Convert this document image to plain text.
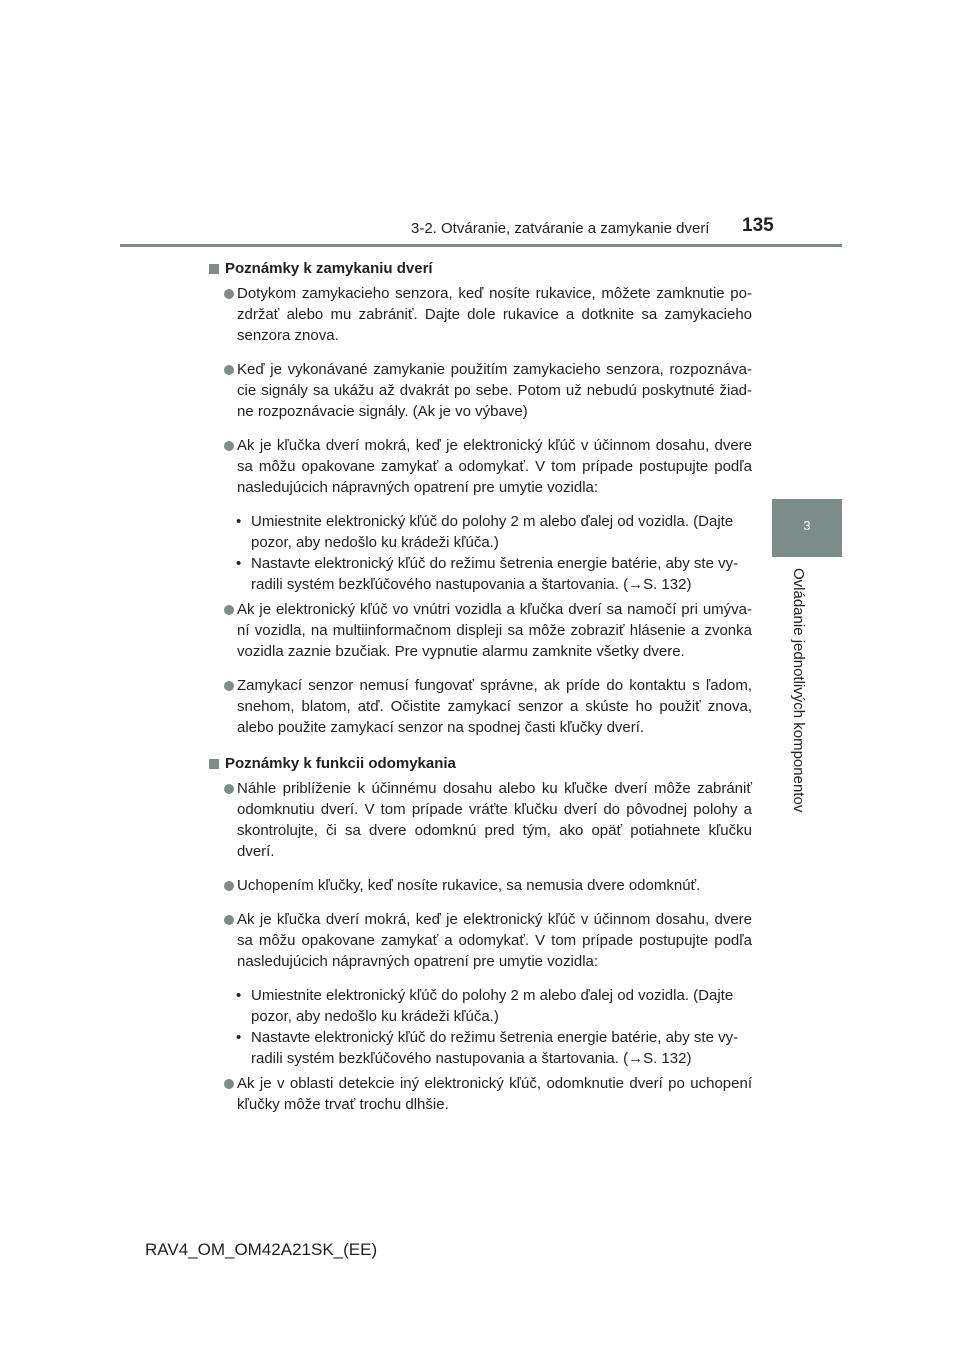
3-2. Otváranie, zatváranie a zamykanie dverí 135
3
Ovládanie jednotlivých komponentov
Poznámky k zamykaniu dverí
Dotykom zamykacieho senzora, keď nosíte rukavice, môžete zamknutie po-zdržať alebo mu zabrániť. Dajte dole rukavice a dotknite sa zamykacieho senzora znova.
Keď je vykonávané zamykanie použitím zamykacieho senzora, rozpoznáva-cie signály sa ukážu až dvakrát po sebe. Potom už nebudú poskytnuté žiad-ne rozpoznávacie signály. (Ak je vo výbave)
Ak je kľučka dverí mokrá, keď je elektronický kľúč v účinnom dosahu, dvere sa môžu opakovane zamykať a odomykať. V tom prípade postupujte podľa nasledujúcich nápravných opatrení pre umytie vozidla:
• Umiestnite elektronický kľúč do polohy 2 m alebo ďalej od vozidla. (Dajte pozor, aby nedošlo ku krádeži kľúča.)
• Nastavte elektronický kľúč do režimu šetrenia energie batérie, aby ste vy-radili systém bezkľúčového nastupovania a štartovania. (→S. 132)
Ak je elektronický kľúč vo vnútri vozidla a kľučka dverí sa namočí pri umýva-ní vozidla, na multiinformačnom displeji sa môže zobraziť hlásenie a zvonka vozidla zaznie bzučiak. Pre vypnutie alarmu zamknite všetky dvere.
Zamykací senzor nemusí fungovať správne, ak príde do kontaktu s ľadom, snehom, blatom, atď. Očistite zamykací senzor a skúste ho použiť znova, alebo použite zamykací senzor na spodnej časti kľučky dverí.
Poznámky k funkcii odomykania
Náhle priblíženie k účinnému dosahu alebo ku kľučke dverí môže zabrániť odomknutiu dverí. V tom prípade vráťte kľučku dverí do pôvodnej polohy a skontrolujte, či sa dvere odomknú pred tým, ako opäť potiahnete kľučku dverí.
Uchopením kľučky, keď nosíte rukavice, sa nemusia dvere odomknúť.
Ak je kľučka dverí mokrá, keď je elektronický kľúč v účinnom dosahu, dvere sa môžu opakovane zamykať a odomykať. V tom prípade postupujte podľa nasledujúcich nápravných opatrení pre umytie vozidla:
• Umiestnite elektronický kľúč do polohy 2 m alebo ďalej od vozidla. (Dajte pozor, aby nedošlo ku krádeži kľúča.)
• Nastavte elektronický kľúč do režimu šetrenia energie batérie, aby ste vy-radili systém bezkľúčového nastupovania a štartovania. (→S. 132)
Ak je v oblasti detekcie iný elektronický kľúč, odomknutie dverí po uchopení kľučky môže trvať trochu dlhšie.
RAV4_OM_OM42A21SK_(EE)
